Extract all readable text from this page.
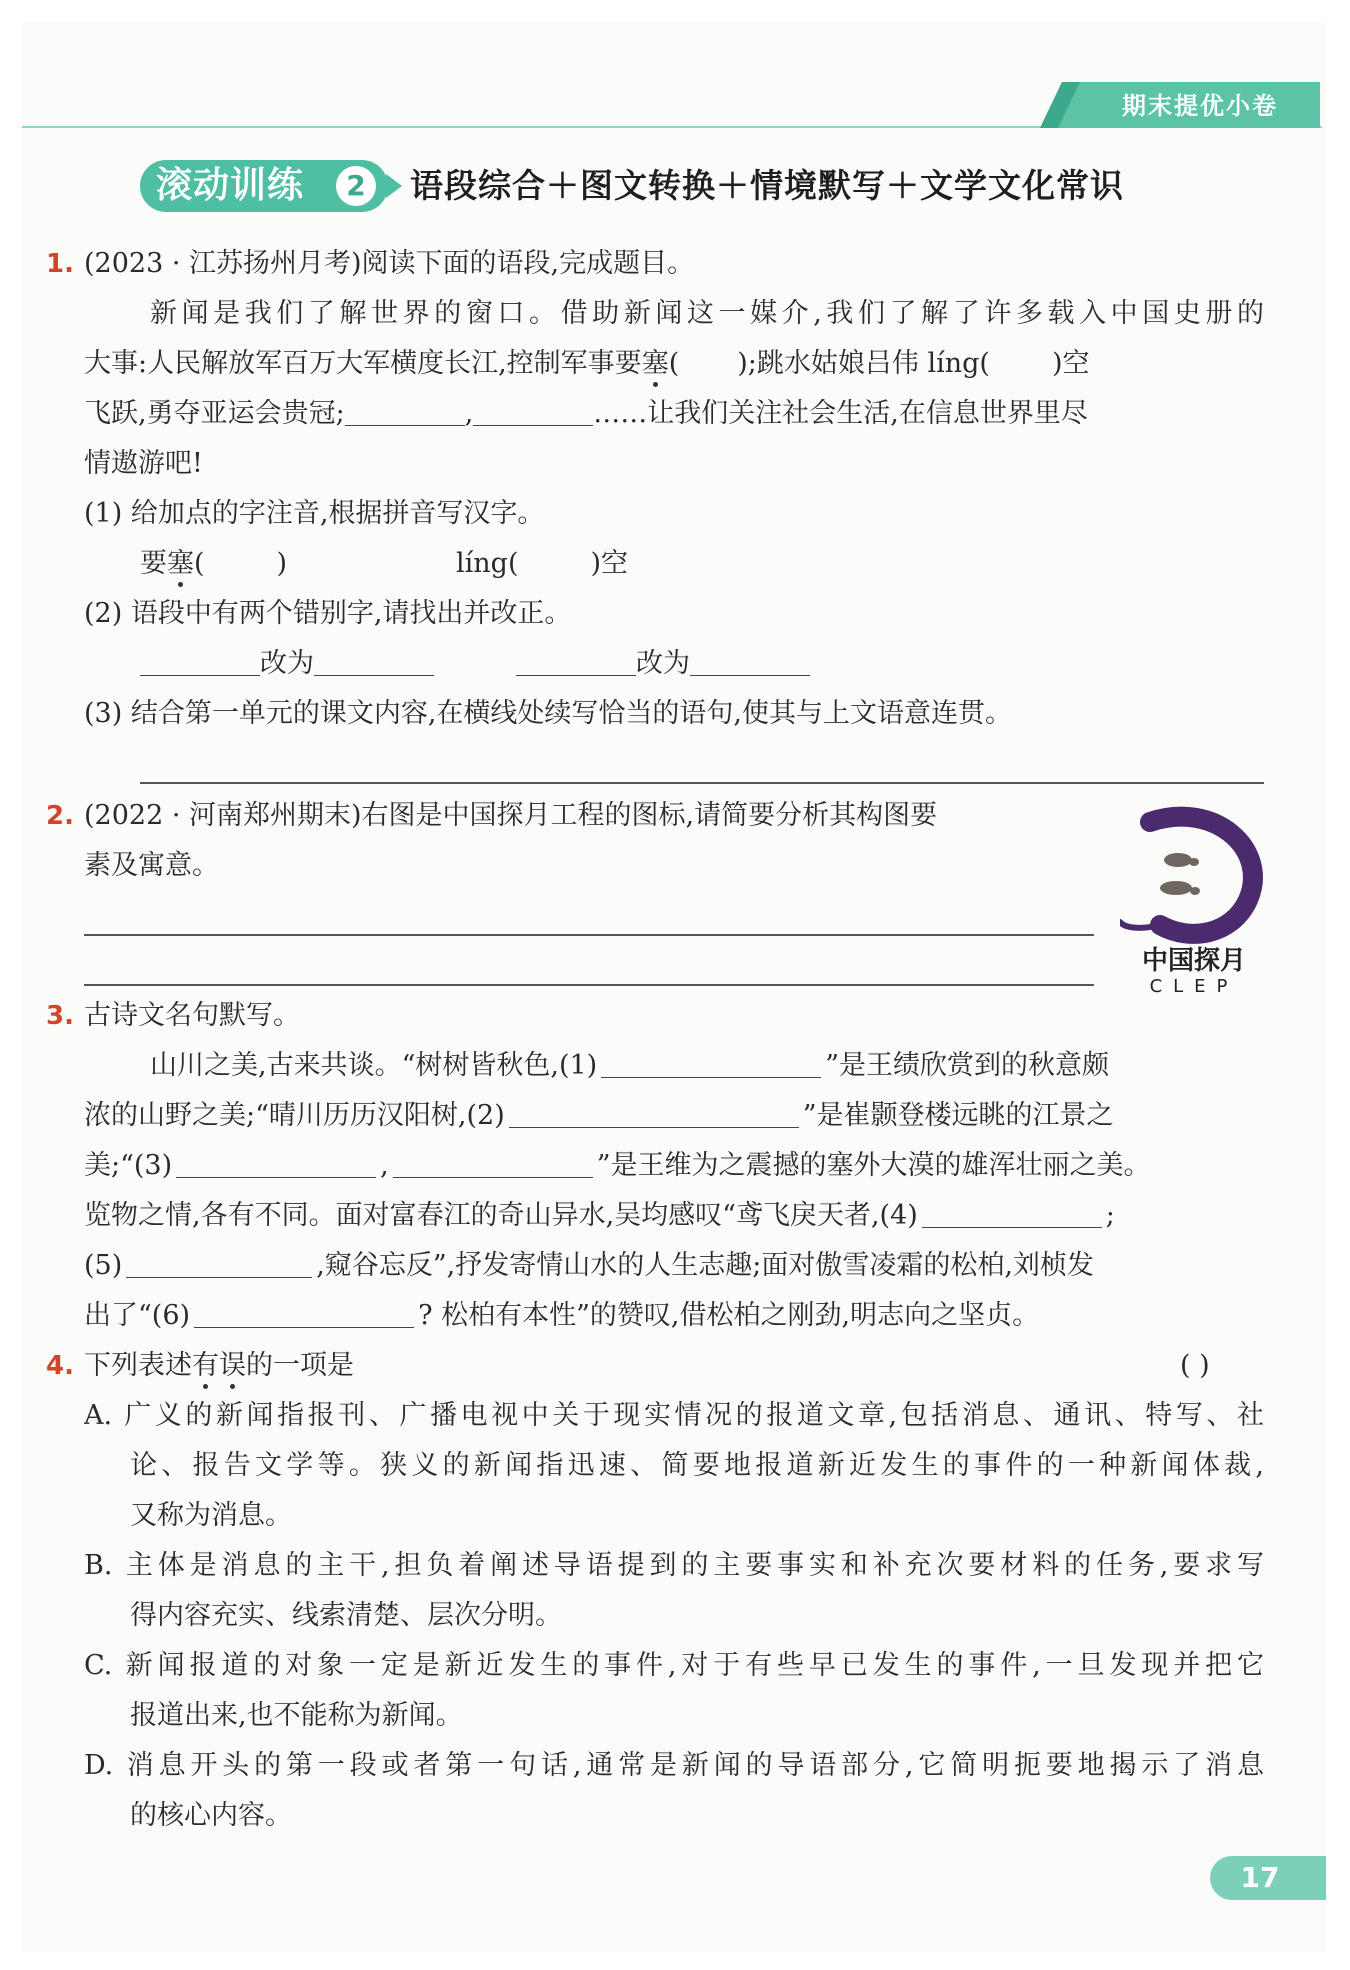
期末提优小卷
滚动训练	2	语段综合＋图文转换＋情境默写＋文学文化常识
1. (2023 · 江苏扬州月考)阅读下面的语段,完成题目。
新闻是我们了解世界的窗口。借助新闻这一媒介,我们了解了许多载入中国史册的
大事:人民解放军百万大军横度长江,控制军事要塞( );跳水姑娘吕伟 líng( )空
飞跃,勇夺亚运会贵冠;	,	……让我们关注社会生活,在信息世界里尽
情遨游吧!
(1) 给加点的字注音,根据拼音写汉字。
要塞(	)	líng(	)空
(2) 语段中有两个错别字,请找出并改正。
改为	改为
(3) 结合第一单元的课文内容,在横线处续写恰当的语句,使其与上文语意连贯。
2. (2022 · 河南郑州期末)右图是中国探月工程的图标,请简要分析其构图要
素及寓意。
中国探月
CLEP
3. 古诗文名句默写。
山川之美,古来共谈。“树树皆秋色,(1)	”是王绩欣赏到的秋意颇
浓的山野之美;“晴川历历汉阳树,(2)	”是崔颢登楼远眺的江景之
美;“(3)	,	”是王维为之震撼的塞外大漠的雄浑壮丽之美。
览物之情,各有不同。面对富春江的奇山异水,吴均感叹“鸢飞戾天者,(4)	;
(5)	,窥谷忘反”,抒发寄情山水的人生志趣;面对傲雪凌霜的松柏,刘桢发
出了“(6)	? 松柏有本性”的赞叹,借松柏之刚劲,明志向之坚贞。
4. 下列表述有误的一项是	( )
A. 广义的新闻指报刊、广播电视中关于现实情况的报道文章,包括消息、通讯、特写、社
论、报告文学等。狭义的新闻指迅速、简要地报道新近发生的事件的一种新闻体裁,
又称为消息。
B. 主体是消息的主干,担负着阐述导语提到的主要事实和补充次要材料的任务,要求写
得内容充实、线索清楚、层次分明。
C. 新闻报道的对象一定是新近发生的事件,对于有些早已发生的事件,一旦发现并把它
报道出来,也不能称为新闻。
D. 消息开头的第一段或者第一句话,通常是新闻的导语部分,它简明扼要地揭示了消息
的核心内容。
17
